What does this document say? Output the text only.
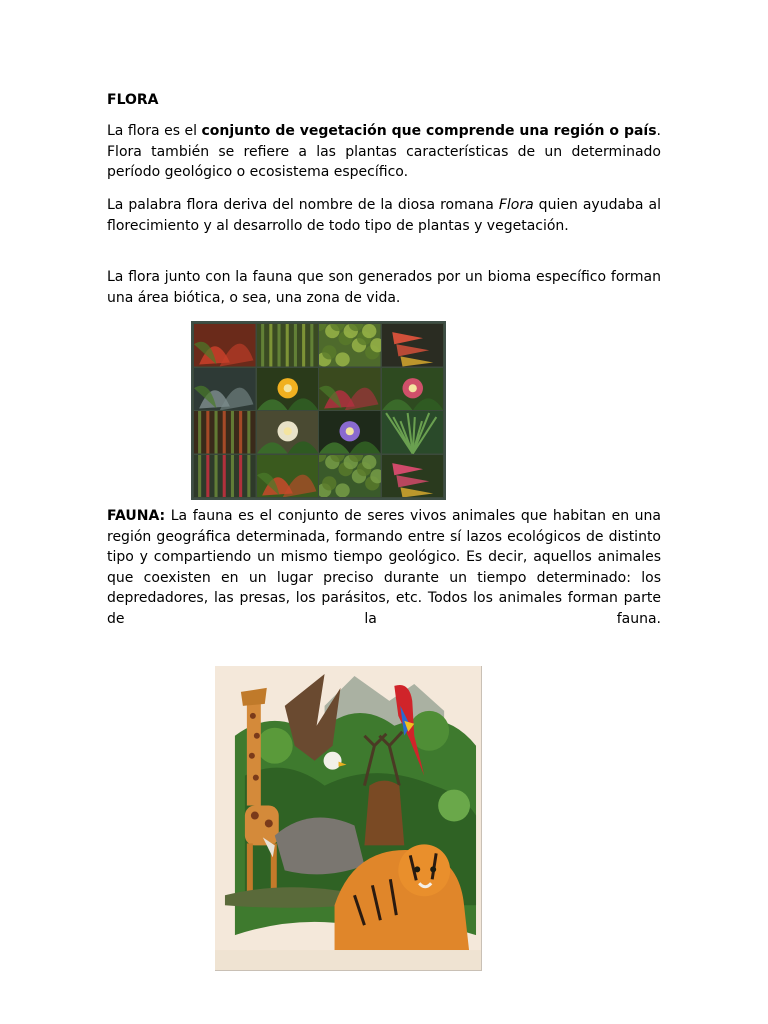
FLORA

La flora es el conjunto de vegetación que comprende una región o país. Flora también se refiere a las plantas características de un determinado período geológico o ecosistema específico.

La palabra flora deriva del nombre de la diosa romana Flora quien ayudaba al florecimiento y al desarrollo de todo tipo de plantas y vegetación.

La flora junto con la fauna que son generados por un bioma específico forman una área biótica, o sea, una zona de vida.

FAUNA: La fauna es el conjunto de seres vivos animales que habitan en una región geográfica determinada, formando entre sí lazos ecológicos de distinto tipo y compartiendo un mismo tiempo geológico. Es decir, aquellos animales que coexisten en un lugar preciso durante un tiempo determinado: los depredadores, las presas, los parásitos, etc. Todos los animales forman parte de la fauna.
